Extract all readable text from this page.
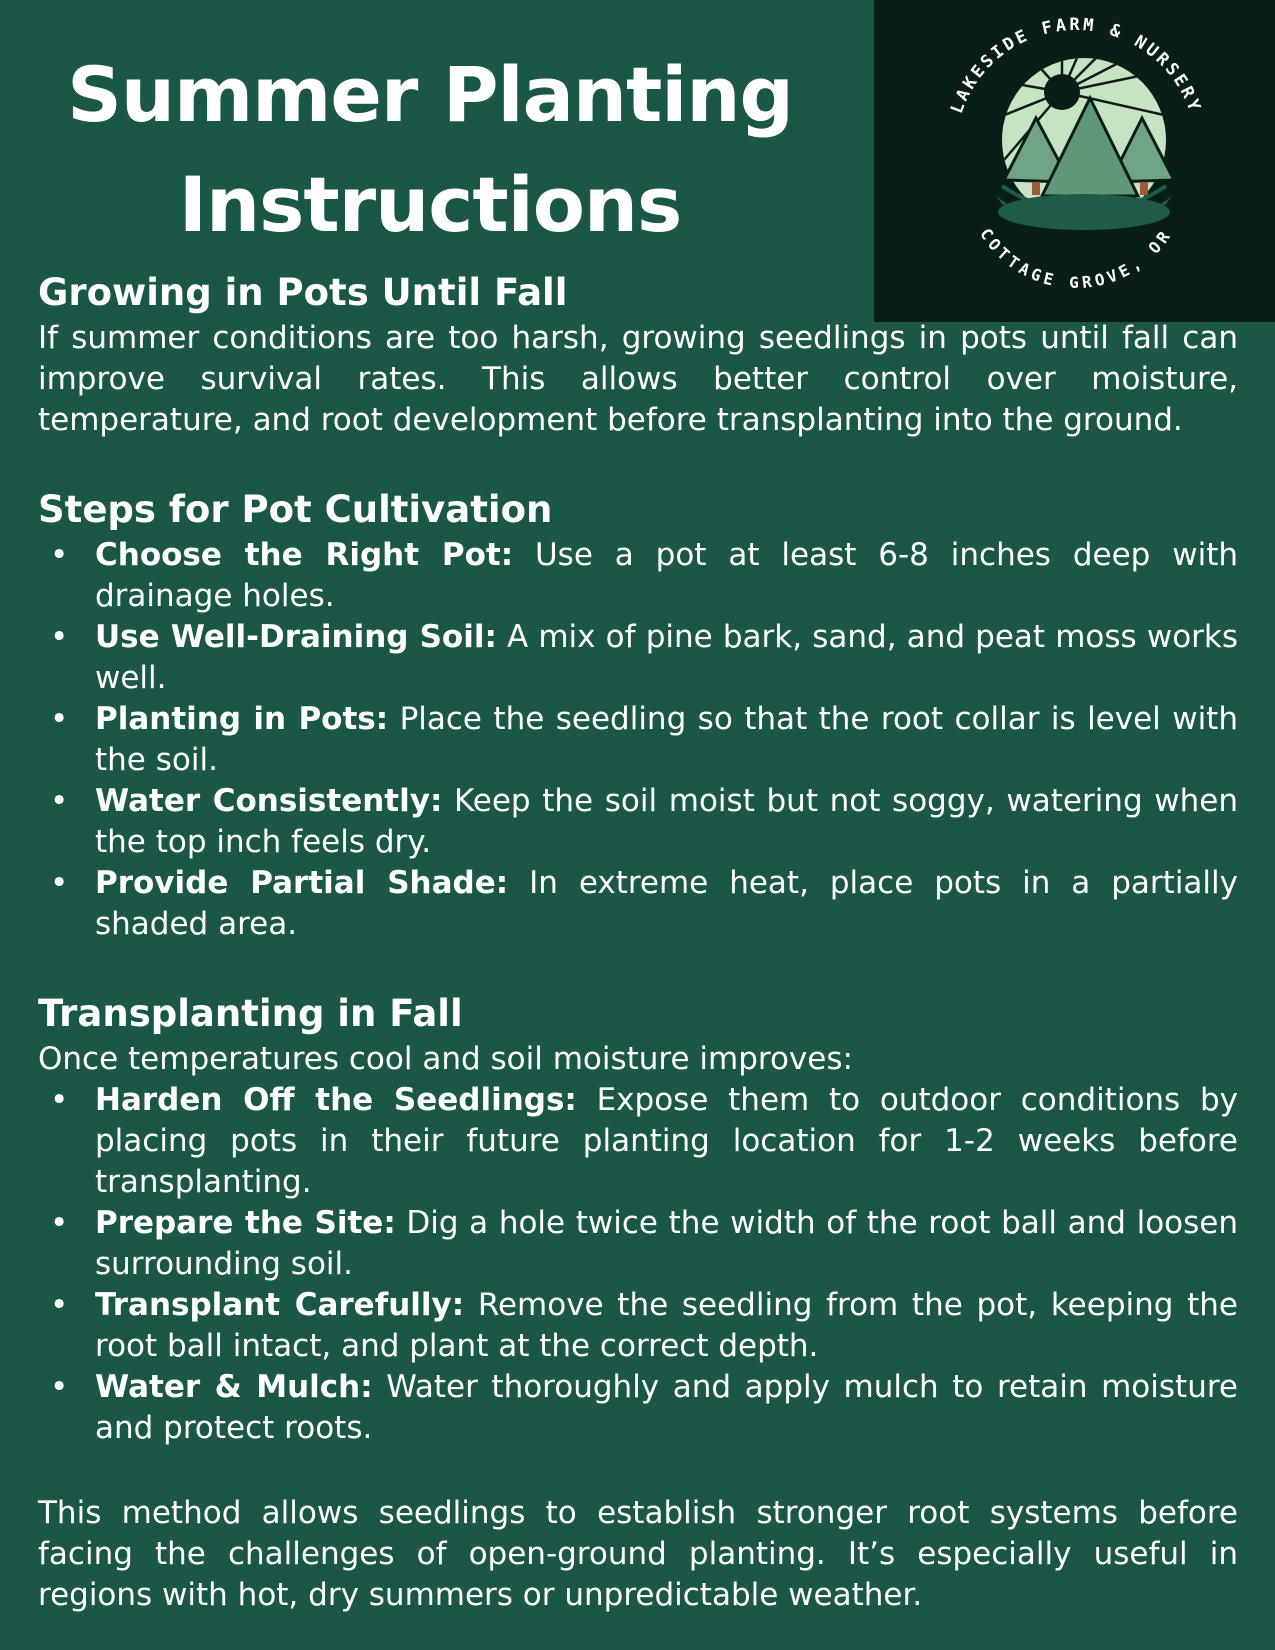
Summer Planting
Instructions
LAKESIDE FARM & NURSERY
COTTAGE GROVE, OR
Growing in Pots Until Fall

If summer conditions are too harsh, growing seedlings in pots until fall can improve survival rates. This allows better control over moisture, temperature, and root development before transplanting into the ground.

Steps for Pot Cultivation
• Choose the Right Pot: Use a pot at least 6-8 inches deep with drainage holes.
• Use Well-Draining Soil: A mix of pine bark, sand, and peat moss works well.
• Planting in Pots: Place the seedling so that the root collar is level with the soil.
• Water Consistently: Keep the soil moist but not soggy, watering when the top inch feels dry.
• Provide Partial Shade: In extreme heat, place pots in a partially shaded area.
Transplanting in Fall

Once temperatures cool and soil moisture improves:

• Harden Off the Seedlings: Expose them to outdoor conditions by placing pots in their future planting location for 1-2 weeks before transplanting.
• Prepare the Site: Dig a hole twice the width of the root ball and loosen surrounding soil.
• Transplant Carefully: Remove the seedling from the pot, keeping the root ball intact, and plant at the correct depth.
• Water & Mulch: Water thoroughly and apply mulch to retain moisture and protect roots.

This method allows seedlings to establish stronger root systems before facing the challenges of open-ground planting. It’s especially useful in regions with hot, dry summers or unpredictable weather.
